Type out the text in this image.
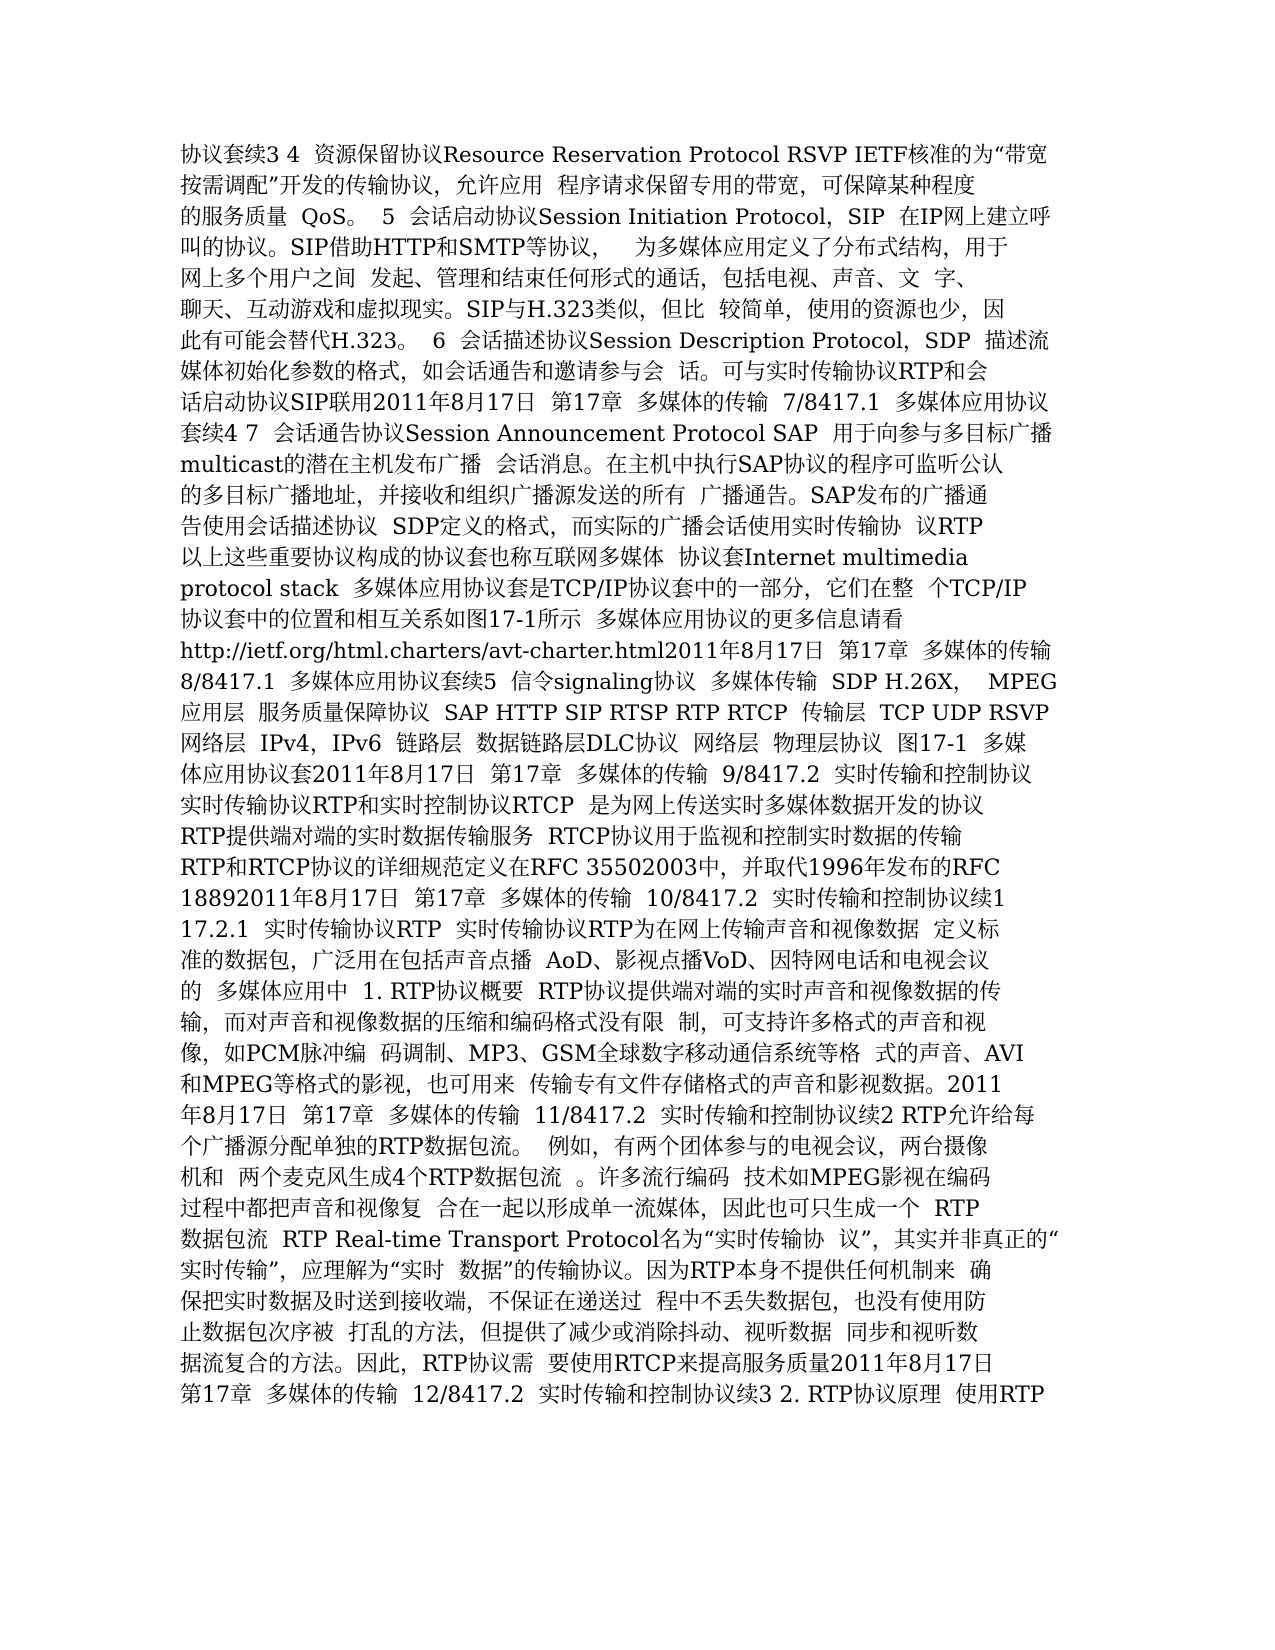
协议套续3 4  资源保留协议Resource Reservation Protocol RSVP IETF核准的为“带宽
按需调配”开发的传输协议，允许应用  程序请求保留专用的带宽，可保障某种程度
的服务质量  QoS。  5  会话启动协议Session Initiation Protocol，SIP  在IP网上建立呼
叫的协议。SIP借助HTTP和SMTP等协议，   为多媒体应用定义了分布式结构，用于
网上多个用户之间  发起、管理和结束任何形式的通话，包括电视、声音、文  字、
聊天、互动游戏和虚拟现实。SIP与H.323类似，但比  较简单，使用的资源也少，因
此有可能会替代H.323。  6  会话描述协议Session Description Protocol，SDP  描述流
媒体初始化参数的格式，如会话通告和邀请参与会  话。可与实时传输协议RTP和会
话启动协议SIP联用2011年8月17日  第17章  多媒体的传输  7/8417.1  多媒体应用协议
套续4 7  会话通告协议Session Announcement Protocol SAP  用于向参与多目标广播
multicast的潜在主机发布广播  会话消息。在主机中执行SAP协议的程序可监听公认
的多目标广播地址，并接收和组织广播源发送的所有  广播通告。SAP发布的广播通
告使用会话描述协议  SDP定义的格式，而实际的广播会话使用实时传输协  议RTP
以上这些重要协议构成的协议套也称互联网多媒体  协议套Internet multimedia
protocol stack  多媒体应用协议套是TCP/IP协议套中的一部分，它们在整  个TCP/IP
协议套中的位置和相互关系如图17-1所示  多媒体应用协议的更多信息请看
http://ietf.org/html.charters/avt-charter.html2011年8月17日  第17章  多媒体的传输
8/8417.1  多媒体应用协议套续5  信令signaling协议  多媒体传输  SDP H.26X，  MPEG
应用层  服务质量保障协议  SAP HTTP SIP RTSP RTP RTCP  传输层  TCP UDP RSVP
网络层  IPv4，IPv6  链路层  数据链路层DLC协议  网络层  物理层协议  图17-1  多媒
体应用协议套2011年8月17日  第17章  多媒体的传输  9/8417.2  实时传输和控制协议
实时传输协议RTP和实时控制协议RTCP  是为网上传送实时多媒体数据开发的协议
RTP提供端对端的实时数据传输服务  RTCP协议用于监视和控制实时数据的传输
RTP和RTCP协议的详细规范定义在RFC 35502003中，并取代1996年发布的RFC
18892011年8月17日  第17章  多媒体的传输  10/8417.2  实时传输和控制协议续1
17.2.1  实时传输协议RTP  实时传输协议RTP为在网上传输声音和视像数据  定义标
准的数据包，广泛用在包括声音点播  AoD、影视点播VoD、因特网电话和电视会议
的  多媒体应用中  1. RTP协议概要  RTP协议提供端对端的实时声音和视像数据的传
输，而对声音和视像数据的压缩和编码格式没有限  制，可支持许多格式的声音和视
像，如PCM脉冲编  码调制、MP3、GSM全球数字移动通信系统等格  式的声音、AVI
和MPEG等格式的影视，也可用来  传输专有文件存储格式的声音和影视数据。2011
年8月17日  第17章  多媒体的传输  11/8417.2  实时传输和控制协议续2 RTP允许给每
个广播源分配单独的RTP数据包流。  例如，有两个团体参与的电视会议，两台摄像
机和  两个麦克风生成4个RTP数据包流  。许多流行编码  技术如MPEG影视在编码
过程中都把声音和视像复  合在一起以形成单一流媒体，因此也可只生成一个  RTP
数据包流  RTP Real-time Transport Protocol名为“实时传输协  议”，其实并非真正的“
实时传输”，应理解为“实时  数据”的传输协议。因为RTP本身不提供任何机制来  确
保把实时数据及时送到接收端，不保证在递送过  程中不丢失数据包，也没有使用防
止数据包次序被  打乱的方法，但提供了减少或消除抖动、视听数据  同步和视听数
据流复合的方法。因此，RTP协议需  要使用RTCP来提高服务质量2011年8月17日
第17章  多媒体的传输  12/8417.2  实时传输和控制协议续3 2. RTP协议原理  使用RTP
